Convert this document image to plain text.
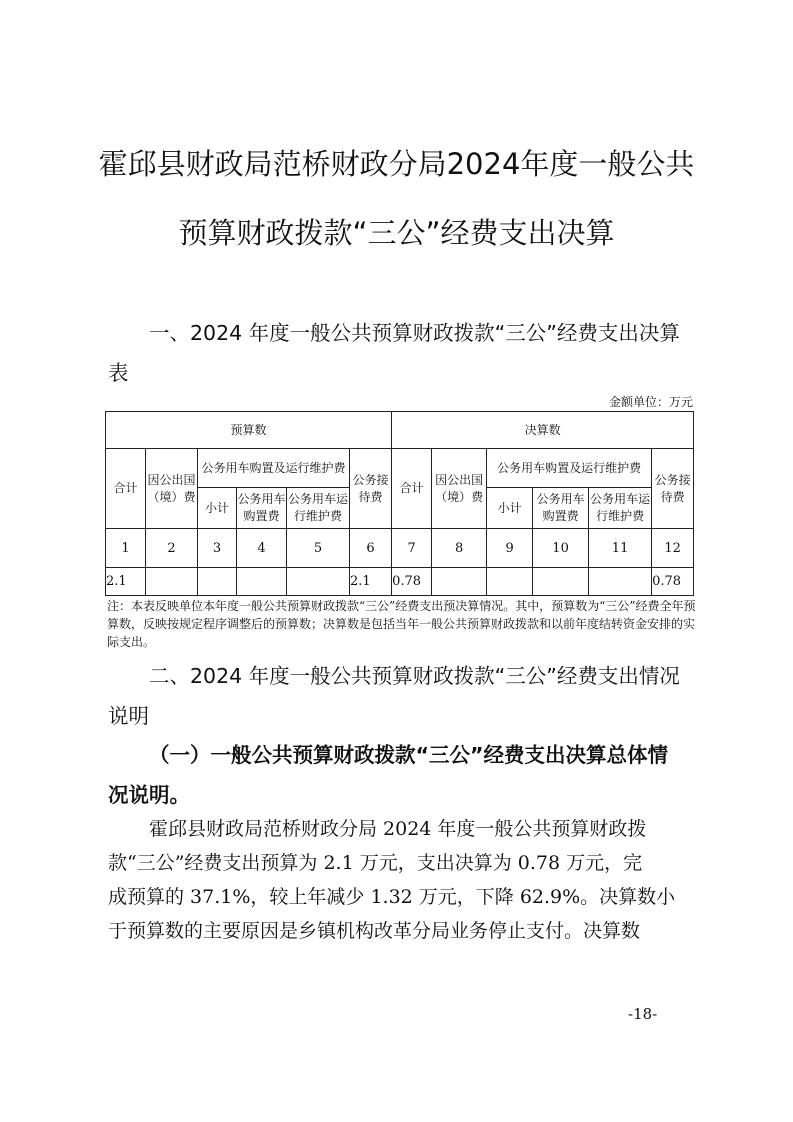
霍邱县财政局范桥财政分局2024年度一般公共
预算财政拨款“三公”经费支出决算
一、2024 年度一般公共预算财政拨款“三公”经费支出决算
表
金额单位：万元
预算数						决算数					
合计	因公出国（境）费	公务用车购置及运行维护费			公务接待费	合计	因公出国（境）费	公务用车购置及运行维护费			公务接待费
		小计	公务用车购置费	公务用车运行维护费				小计	公务用车购置费	公务用车运行维护费	
1	2	3	4	5	6	7	8	9	10	11	12
2.1					2.1	0.78					0.78
注：本表反映单位本年度一般公共预算财政拨款“三公”经费支出预决算情况。其中，预算数为“三公”经费全年预算数，反映按规定程序调整后的预算数；决算数是包括当年一般公共预算财政拨款和以前年度结转资金安排的实际支出。
二、2024 年度一般公共预算财政拨款“三公”经费支出情况
说明
（一）一般公共预算财政拨款“三公”经费支出决算总体情
况说明。
霍邱县财政局范桥财政分局 2024 年度一般公共预算财政拨
款“三公”经费支出预算为 2.1 万元，支出决算为 0.78 万元，完
成预算的 37.1%，较上年减少 1.32 万元，下降 62.9%。决算数小
于预算数的主要原因是乡镇机构改革分局业务停止支付。决算数
-18-
